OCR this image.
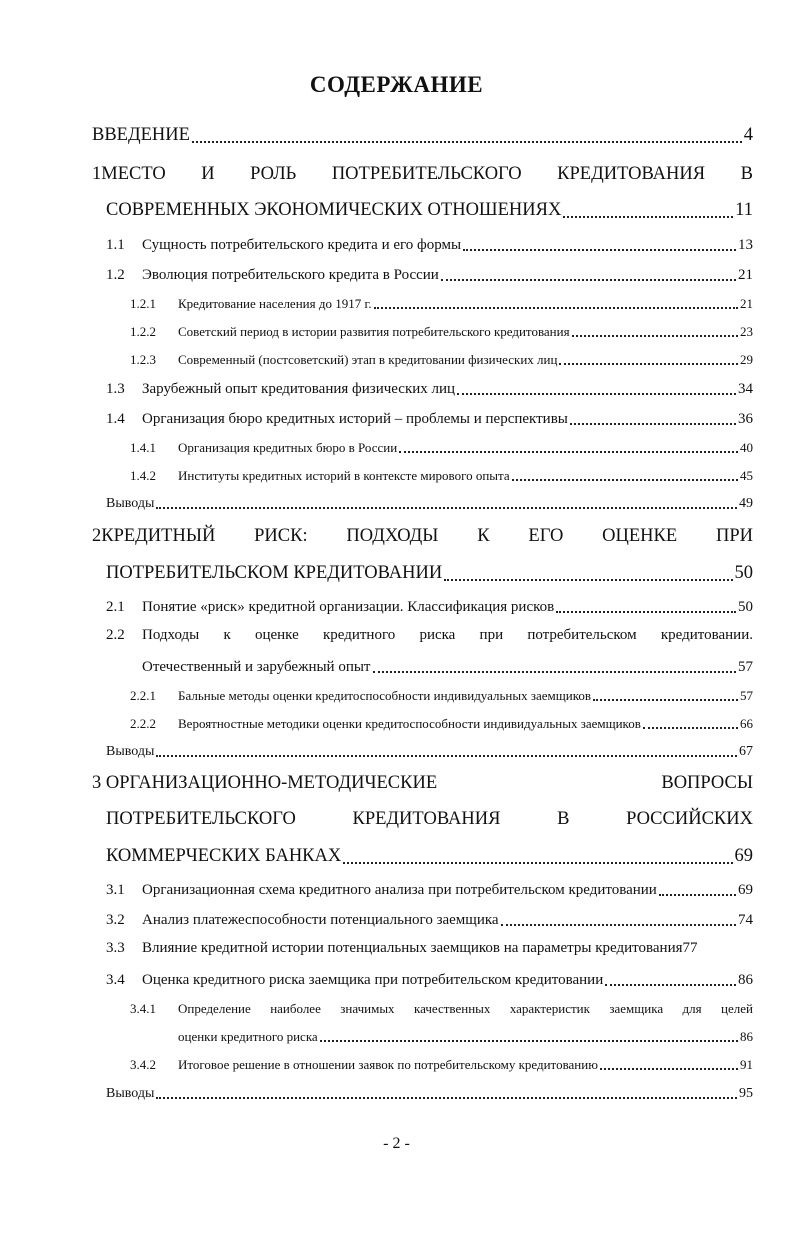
СОДЕРЖАНИЕ
ВВЕДЕНИЕ	4
1МЕСТО И РОЛЬ ПОТРЕБИТЕЛЬСКОГО КРЕДИТОВАНИЯ В
СОВРЕМЕННЫХ ЭКОНОМИЧЕСКИХ ОТНОШЕНИЯХ	11
1.1	Сущность потребительского кредита и его формы	13
1.2	Эволюция потребительского кредита в России	21
1.2.1	Кредитование населения до 1917 г.	21
1.2.2	Советский период в истории развития потребительского кредитования	23
1.2.3	Современный (постсоветский) этап в кредитовании физических лиц	29
1.3	Зарубежный опыт кредитования физических лиц	34
1.4	Организация бюро кредитных историй – проблемы и перспективы	36
1.4.1	Организация кредитных бюро в России	40
1.4.2	Институты кредитных историй в контексте мирового опыта	45
Выводы	49
2КРЕДИТНЫЙ РИСК: ПОДХОДЫ К ЕГО ОЦЕНКЕ ПРИ
ПОТРЕБИТЕЛЬСКОМ КРЕДИТОВАНИИ	50
2.1	Понятие «риск» кредитной организации. Классификация рисков	50
2.2	Подходы к оценке кредитного риска при потребительском кредитовании.
Отечественный и зарубежный опыт	57
2.2.1	Бальные методы оценки кредитоспособности индивидуальных заемщиков	57
2.2.2	Вероятностные методики оценки кредитоспособности индивидуальных заемщиков	66
Выводы	67
3 ОРГАНИЗАЦИОННО-МЕТОДИЧЕСКИЕ	ВОПРОСЫ
ПОТРЕБИТЕЛЬСКОГО	КРЕДИТОВАНИЯ	В	РОССИЙСКИХ
КОММЕРЧЕСКИХ БАНКАХ	69
3.1	Организационная схема кредитного анализа при потребительском кредитовании	69
3.2	Анализ платежеспособности потенциального заемщика	74
3.3	Влияние кредитной истории потенциальных заемщиков на параметры кредитования 77
3.4	Оценка кредитного риска заемщика при потребительском кредитовании	86
3.4.1	Определение наиболее значимых качественных характеристик заемщика для целей
оценки кредитного риска	86
3.4.2	Итоговое решение в отношении заявок по потребительскому кредитованию	91
Выводы	95
- 2 -
